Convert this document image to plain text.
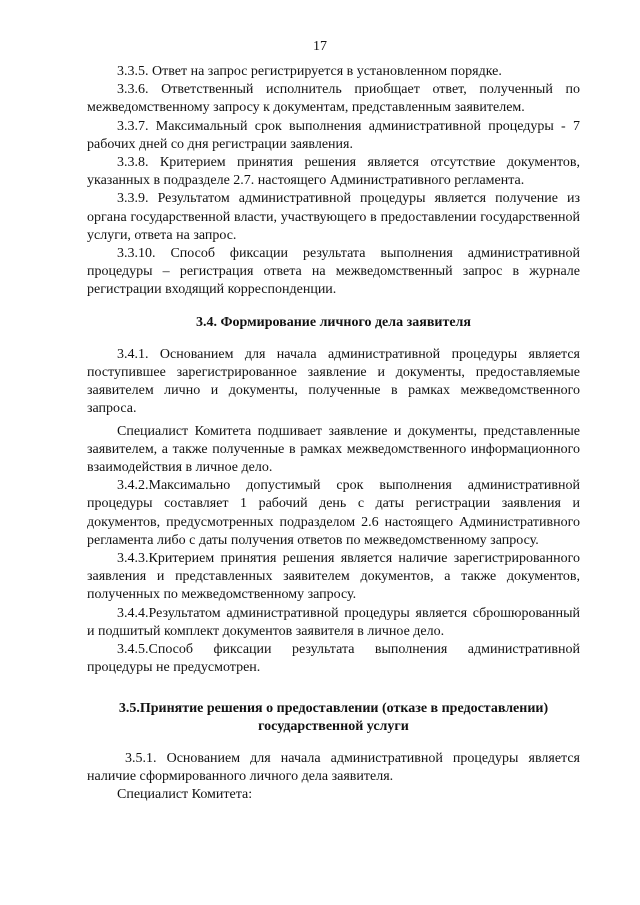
17

3.3.5. Ответ на запрос регистрируется в установленном порядке.

3.3.6. Ответственный исполнитель приобщает ответ, полученный по межведомственному запросу к документам, представленным заявителем.

3.3.7. Максимальный срок выполнения административной процедуры - 7 рабочих дней со дня регистрации заявления.

3.3.8. Критерием принятия решения является отсутствие документов, указанных в подразделе 2.7. настоящего Административного регламента.

3.3.9. Результатом административной процедуры является получение из органа государственной власти, участвующего в предоставлении государственной услуги, ответа на запрос.

3.3.10. Способ фиксации результата выполнения административной процедуры – регистрация ответа на межведомственный запрос в журнале регистрации входящий корреспонденции.

3.4. Формирование личного дела заявителя

3.4.1. Основанием для начала административной процедуры является поступившее зарегистрированное заявление и документы, предоставляемые заявителем лично и документы, полученные в рамках межведомственного запроса.

Специалист Комитета подшивает заявление и документы, представленные заявителем, а также полученные в рамках межведомственного информационного взаимодействия в личное дело.

3.4.2.Максимально допустимый срок выполнения административной процедуры составляет 1 рабочий день с даты регистрации заявления и документов, предусмотренных подразделом 2.6 настоящего Административного регламента либо с даты получения ответов по межведомственному запросу.

3.4.3.Критерием принятия решения является наличие зарегистрированного заявления и представленных заявителем документов, а также документов, полученных по межведомственному запросу.

3.4.4.Результатом административной процедуры является сброшюрованный и подшитый комплект документов заявителя в личное дело.

3.4.5.Способ фиксации результата выполнения административной процедуры не предусмотрен.

3.5.Принятие решения о предоставлении (отказе в предоставлении)

государственной услуги

3.5.1. Основанием для начала административной процедуры является наличие сформированного личного дела заявителя.

Специалист Комитета:
